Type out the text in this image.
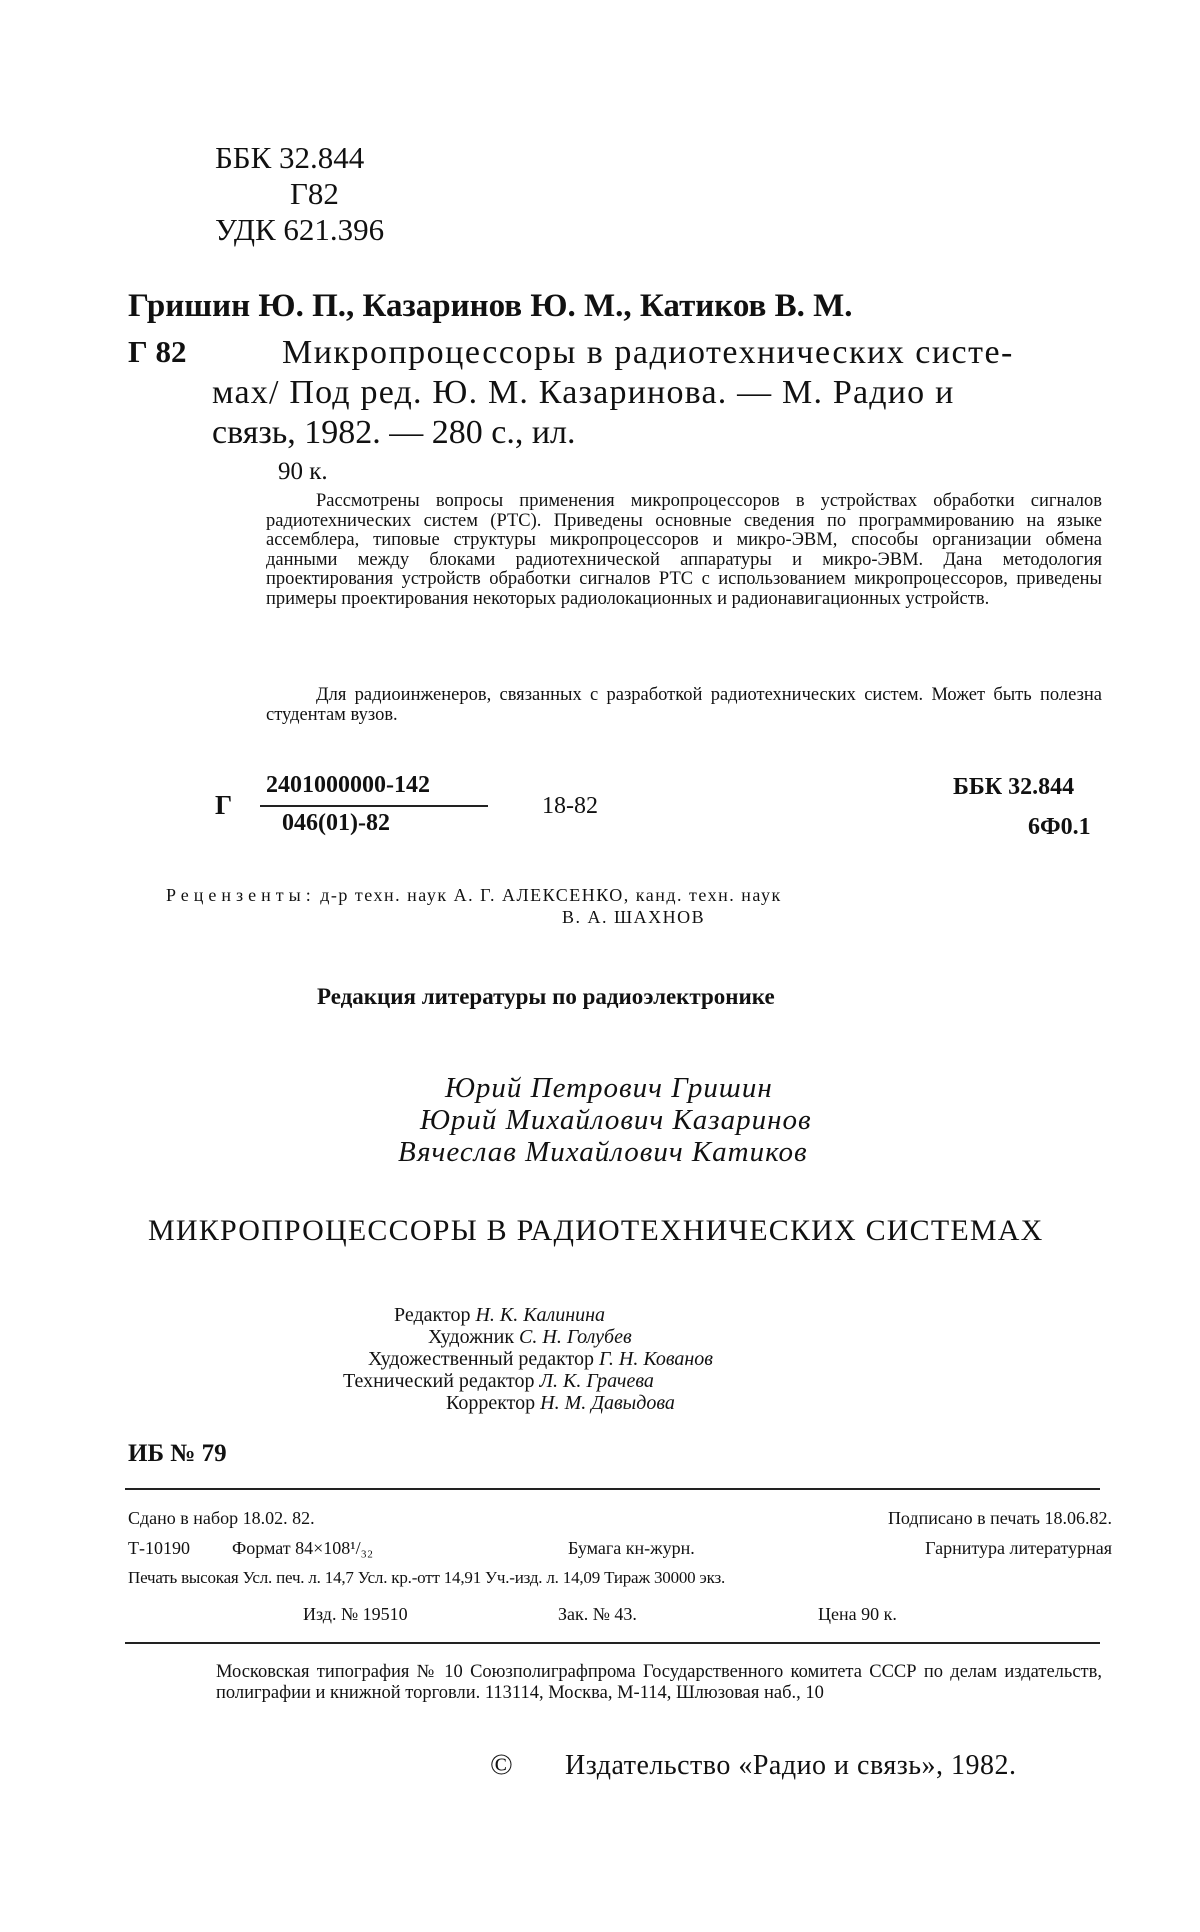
ББК 32.844
Г82
УДК 621.396
Гришин Ю. П., Казаринов Ю. М., Катиков В. М.
Г 82	Микропроцессоры в радиотехнических систе-
мах/ Под ред. Ю. М. Казаринова. — М. Радио и
связь, 1982. — 280 с., ил.
90 к.
Рассмотрены вопросы применения микропроцессоров в устройствах обработки сигналов радиотехнических систем (РТС). Приведены основные сведения по программированию на языке ассемблера, типовые структуры микропроцессоров и микро-ЭВМ, способы организации обмена данными между блоками радиотехнической аппаратуры и микро-ЭВМ. Дана методология проектирования устройств обработки сигналов РТС с использованием микропроцессоров, приведены примеры проектирования некоторых радиолокационных и радионавигационных устройств.
Для радиоинженеров, связанных с разработкой радиотехнических систем. Может быть полезна студентам вузов.
Г
2401000000-142
046(01)-82
18-82
ББК 32.844
6Ф0.1
Рецензенты: д-р техн. наук А. Г. АЛЕКСЕНКО, канд. техн. наук
В. А. ШАХНОВ
Редакция литературы по радиоэлектронике
Юрий Петрович Гришин
Юрий Михайлович Казаринов
Вячеслав Михайлович Катиков
МИКРОПРОЦЕССОРЫ В РАДИОТЕХНИЧЕСКИХ СИСТЕМАХ
Редактор Н. К. Калинина
Художник С. Н. Голубев
Художественный редактор Г. Н. Кованов
Технический редактор Л. К. Грачева
Корректор Н. М. Давыдова
ИБ № 79
Сдано в набор 18.02. 82.	Подписано в печать 18.06.82.
Т-10190 Формат 84×108¹/₃₂	Бумага кн-журн.	Гарнитура литературная
Печать высокая Усл. печ. л. 14,7 Усл. кр.-отт 14,91 Уч.-изд. л. 14,09 Тираж 30000 экз.
Изд. № 19510	Зак. № 43.	Цена 90 к.
Московская типография № 10 Союзполиграфпрома Государственного комитета СССР по делам издательств, полиграфии и книжной торговли. 113114, Москва, М-114, Шлюзовая наб., 10
© Издательство «Радио и связь», 1982.
